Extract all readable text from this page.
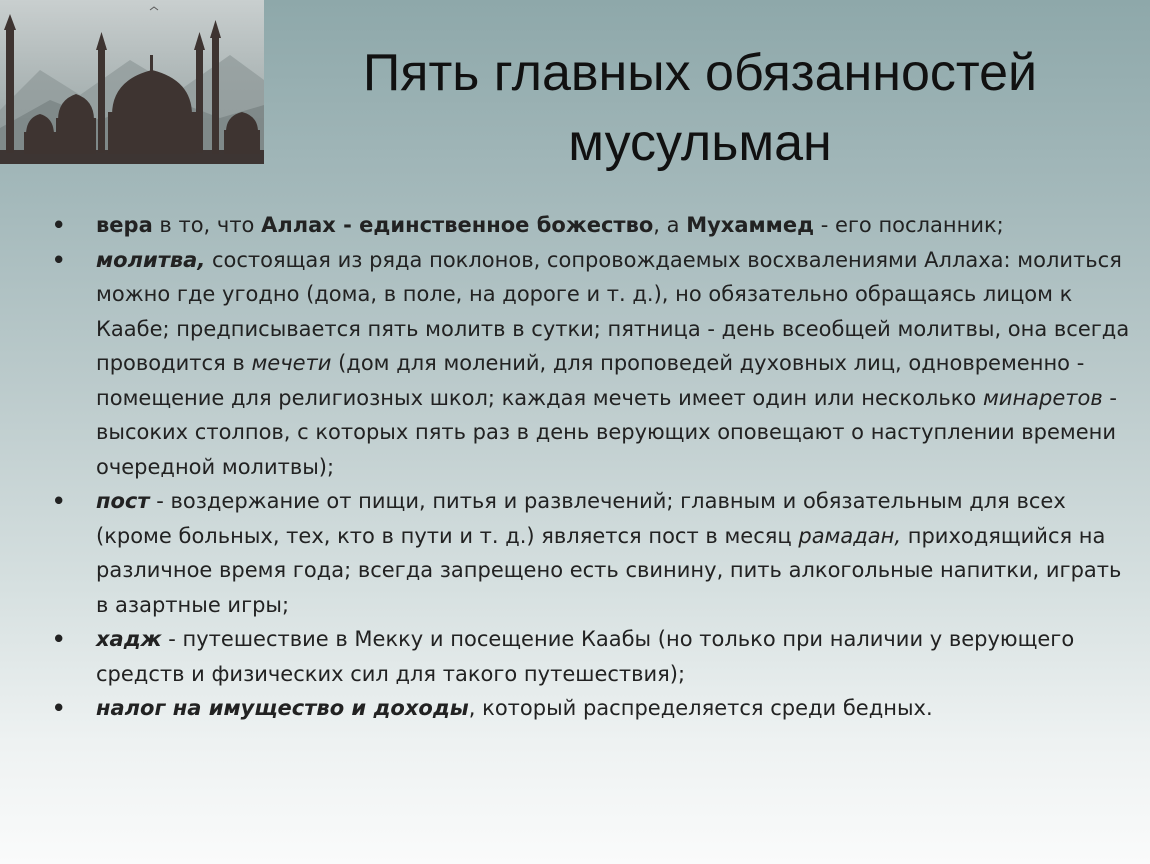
Пять главных обязанностей
мусульман
• вера в то, что Аллах - единственное божество, а Мухаммед - его посланник;
• молитва, состоящая из ряда поклонов, сопровождаемых восхвалениями Аллаха: молиться можно где угодно (дома, в поле, на дороге и т. д.), но обязательно обращаясь лицом к Каабе; предписывается пять молитв в сутки; пятница - день всеобщей молитвы, она всегда проводится в мечети (дом для молений, для проповедей духовных лиц, одновременно - помещение для религиозных школ; каждая мечеть имеет один или несколько минаретов - высоких столпов, с которых пять раз в день верующих оповещают о наступлении времени очередной молитвы);
• пост - воздержание от пищи, питья и развлечений; главным и обязательным для всех (кроме больных, тех, кто в пути и т. д.) является пост в месяц рамадан, приходящийся на различное время года; всегда запрещено есть свинину, пить алкогольные напитки, играть в азартные игры;
• хадж - путешествие в Мекку и посещение Каабы (но только при наличии у верующего средств и физических сил для такого путешествия);
• налог на имущество и доходы, который распределяется среди бедных.
